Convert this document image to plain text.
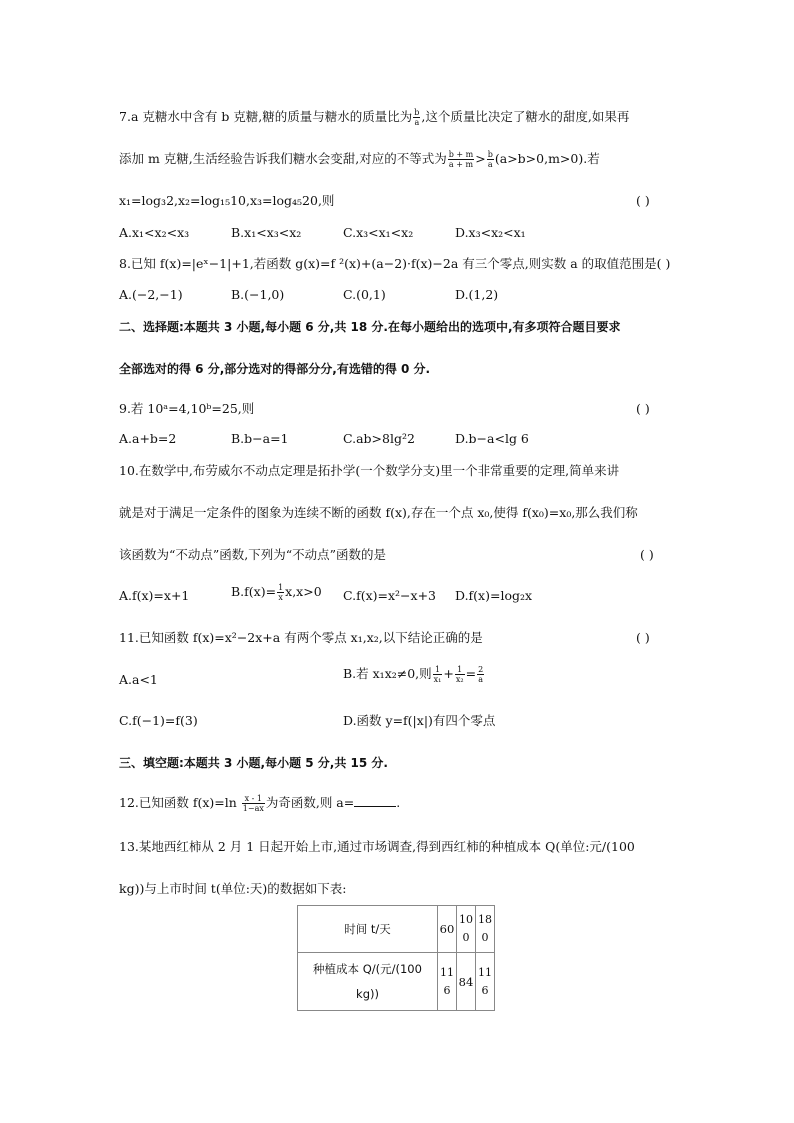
7.a 克糖水中含有 b 克糖,糖的质量与糖水的质量比为 $\frac{b}{a}$ ,这个质量比决定了糖水的甜度,如果再
添加 m 克糖,生活经验告诉我们糖水会变甜,对应的不等式为 $\frac{b + m}{a + m} > \frac{b}{a} (a>b>0,m>0)$.若
x₁=log₃2,x₂=log₁₅10,x₃=log₄₅20,则	( )
A.x₁<x₂<x₃	B.x₁<x₃<x₂	C.x₃<x₁<x₂	D.x₃<x₂<x₁
8.已知 f(x)=|eˣ−1|+1,若函数 g(x)=f ²(x)+(a−2)·f(x)−2a 有三个零点,则实数 a 的取值范围是( )
A.(−2,−1)	B.(−1,0)	C.(0,1)	D.(1,2)
二、选择题:本题共 3 小题,每小题 6 分,共 18 分.在每小题给出的选项中,有多项符合题目要求
全部选对的得 6 分,部分选对的得部分分,有选错的得 0 分.
9.若 10ᵃ=4,10ᵇ=25,则	( )
A.a+b=2	B.b−a=1	C.ab>8lg²2	D.b−a<lg 6
10.在数学中,布劳威尔不动点定理是拓扑学(一个数学分支)里一个非常重要的定理,简单来讲
就是对于满足一定条件的图象为连续不断的函数 f(x),存在一个点 x₀,使得 f(x₀)=x₀,那么我们称
该函数为“不动点”函数,下列为“不动点”函数的是	( )
A.f(x)=x+1	$B.f(x)= \frac{1}{x} x,x>0$ C.f(x)=x²−x+3 D.f(x)=log₂x
11.已知函数 f(x)=x²−2x+a 有两个零点 x₁,x₂,以下结论正确的是	( )
A.a<1	B.若 x₁x₂≠0,则 $\frac{1}{\text{x₁}} + \frac{1}{\text{x₂}} = \frac{2}{a}$
C.f(−1)=f(3)	D.函数 y=f(|x|)有四个零点
三、填空题:本题共 3 小题,每小题 5 分,共 15 分.
12.已知函数 $f(x)=\ln \frac{x - 1}{1-ax}$ 为奇函数,则 a=	.
13.某地西红柿从 2 月 1 日起开始上市,通过市场调查,得到西红柿的种植成本 Q(单位:元/(100
kg))与上市时间 t(单位:天)的数据如下表:
时间 t/天	60	10 0	18 0

种植成本 Q/(元/(100
kg))	11 6	84	11 6
